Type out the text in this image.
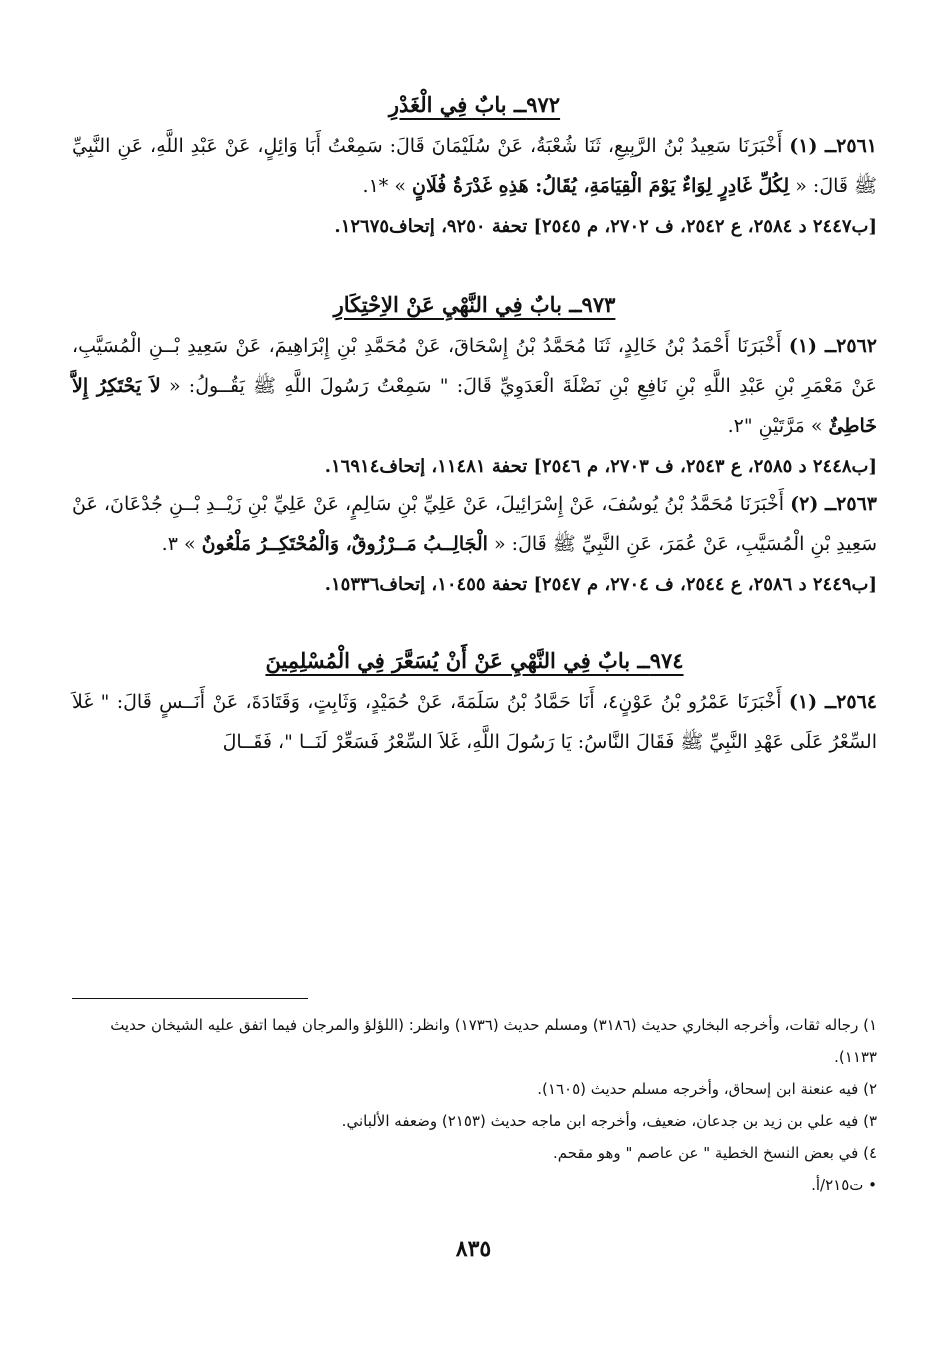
٩٧٢ــ بابٌ فِي الْغَدْرِ

٢٥٦١ــ (١) أَخْبَرَنَا سَعِيدُ بْنُ الرَّبِيعِ، ثَنَا شُعْبَةُ، عَنْ سُلَيْمَانَ قَالَ: سَمِعْتُ أَبَا وَائِلٍ، عَنْ عَبْدِ اللَّهِ، عَنِ النَّبِيِّ ﷺ قَالَ: « لِكُلِّ غَادِرٍ لِوَاءٌ يَوْمَ الْقِيَامَةِ، يُقَالُ: هَذِهِ غَدْرَةُ فُلَانٍ » *١.

[ب٢٤٤٧ د ٢٥٨٤، ع ٢٥٤٢، ف ٢٧٠٢، م ٢٥٤٥] تحفة ٩٢٥٠، إتحاف١٢٦٧٥.

٩٧٣ــ بابٌ فِي النَّهْيِ عَنْ الاِحْتِكَارِ

٢٥٦٢ــ (١) أَخْبَرَنَا أَحْمَدُ بْنُ خَالِدٍ، ثَنَا مُحَمَّدُ بْنُ إِسْحَاقَ، عَنْ مُحَمَّدِ بْنِ إِبْرَاهِيمَ، عَنْ سَعِيدِ بْــنِ الْمُسَيَّبِ، عَنْ مَعْمَرِ بْنِ عَبْدِ اللَّهِ بْنِ نَافِعِ بْنِ نَضْلَةَ الْعَدَوِيِّ قَالَ: " سَمِعْتُ رَسُولَ اللَّهِ ﷺ يَقُــولُ: « لاَ يَحْتَكِرُ إِلاَّ خَاطِئٌ » مَرَّتَيْنِ "٢.

[ب٢٤٤٨ د ٢٥٨٥، ع ٢٥٤٣، ف ٢٧٠٣، م ٢٥٤٦] تحفة ١١٤٨١، إتحاف١٦٩١٤.

٢٥٦٣ــ (٢) أَخْبَرَنَا مُحَمَّدُ بْنُ يُوسُفَ، عَنْ إِسْرَائِيلَ، عَنْ عَلِيِّ بْنِ سَالِمٍ، عَنْ عَلِيِّ بْنِ زَيْــدِ بْــنِ جُدْعَانَ، عَنْ سَعِيدِ بْنِ الْمُسَيَّبِ، عَنْ عُمَرَ، عَنِ النَّبِيِّ ﷺ قَالَ: « الْجَالِــبُ مَــرْزُوقٌ، وَالْمُحْتَكِــرُ مَلْعُونٌ » ٣.

[ب٢٤٤٩ د ٢٥٨٦، ع ٢٥٤٤، ف ٢٧٠٤، م ٢٥٤٧] تحفة ١٠٤٥٥، إتحاف١٥٣٣٦.

٩٧٤ــ بابٌ فِي النَّهْيِ عَنْ أَنْ يُسَعَّرَ فِي الْمُسْلِمِينَ

٢٥٦٤ــ (١) أَخْبَرَنَا عَمْرُو بْنُ عَوْنٍ٤، أَنَا حَمَّادُ بْنُ سَلَمَةَ، عَنْ حُمَيْدٍ، وَثَابِتٍ، وَقَتَادَةَ، عَنْ أَنَــسٍ قَالَ: " غَلاَ السِّعْرُ عَلَى عَهْدِ النَّبِيِّ ﷺ فَقَالَ النَّاسُ: يَا رَسُولَ اللَّهِ، غَلاَ السِّعْرُ فَسَعِّرْ لَنَــا "، فَقَــالَ

١) رجاله ثقات، وأخرجه البخاري حديث (٣١٨٦) ومسلم حديث (١٧٣٦) وانظر: (اللؤلؤ والمرجان فيما اتفق عليه الشيخان حديث ١١٣٣).

٢) فيه عنعنة ابن إسحاق، وأخرجه مسلم حديث (١٦٠٥).

٣) فيه علي بن زيد بن جدعان، ضعيف، وأخرجه ابن ماجه حديث (٢١٥٣) وضعفه الألباني.

٤) في بعض النسخ الخطية " عن عاصم " وهو مقحم.

• ت٢١٥/أ.

٨٣٥
